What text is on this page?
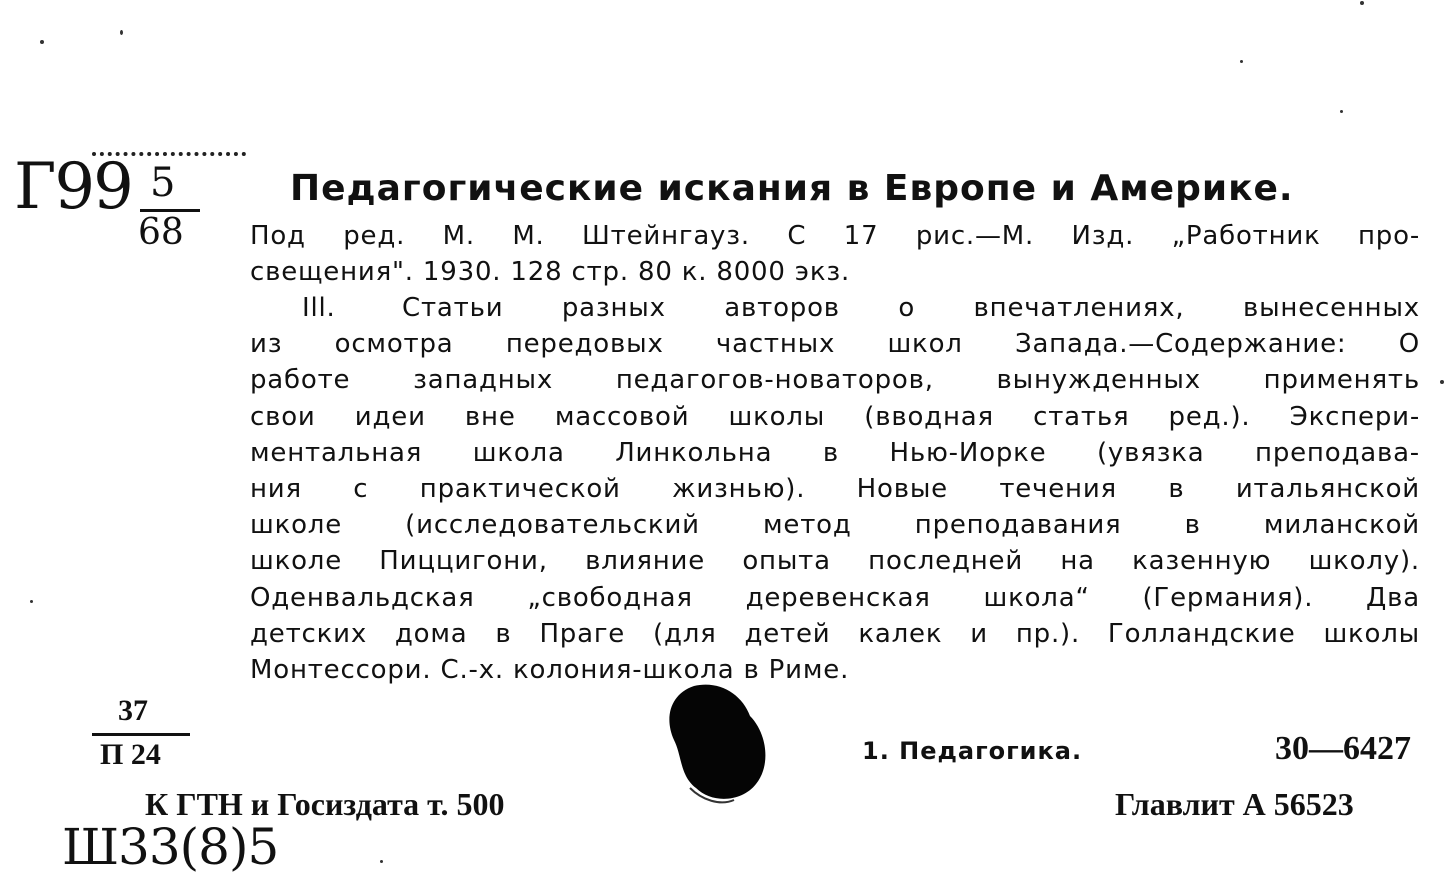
Г99 5
68
Педагогические искания в Европе и Америке.
Под ред. М. М. Штейнгауз. С 17 рис.—М. Изд. „Работник про-
свещения". 1930. 128 стр. 80 к. 8000 экз.
Ill.	Статьи разных авторов о впечатлениях, вынесенных
из осмотра передовых частных школ Запада.—Содержание: О
работе западных педагогов-новаторов, вынужденных применять
свои идеи вне массовой школы (вводная статья ред.). Экспери-
ментальная школа Линкольна в Нью-Иорке (увязка преподава-
ния с практической жизнью). Новые течения в итальянской
школе (исследовательский метод преподавания в миланской
школе Пиццигони, влияние опыта последней на казенную школу).
Оденвальдская „свободная деревенская школа“ (Германия). Два
детских дома в Праге (для детей калек и пр.). Голландские школы
Монтессори. С.-х. колония-школа в Риме.
37
П 24	1. Педагогика.	30—6427
К ГТН и Госиздата т. 500	Главлит А 56523
Ш33(8)5
